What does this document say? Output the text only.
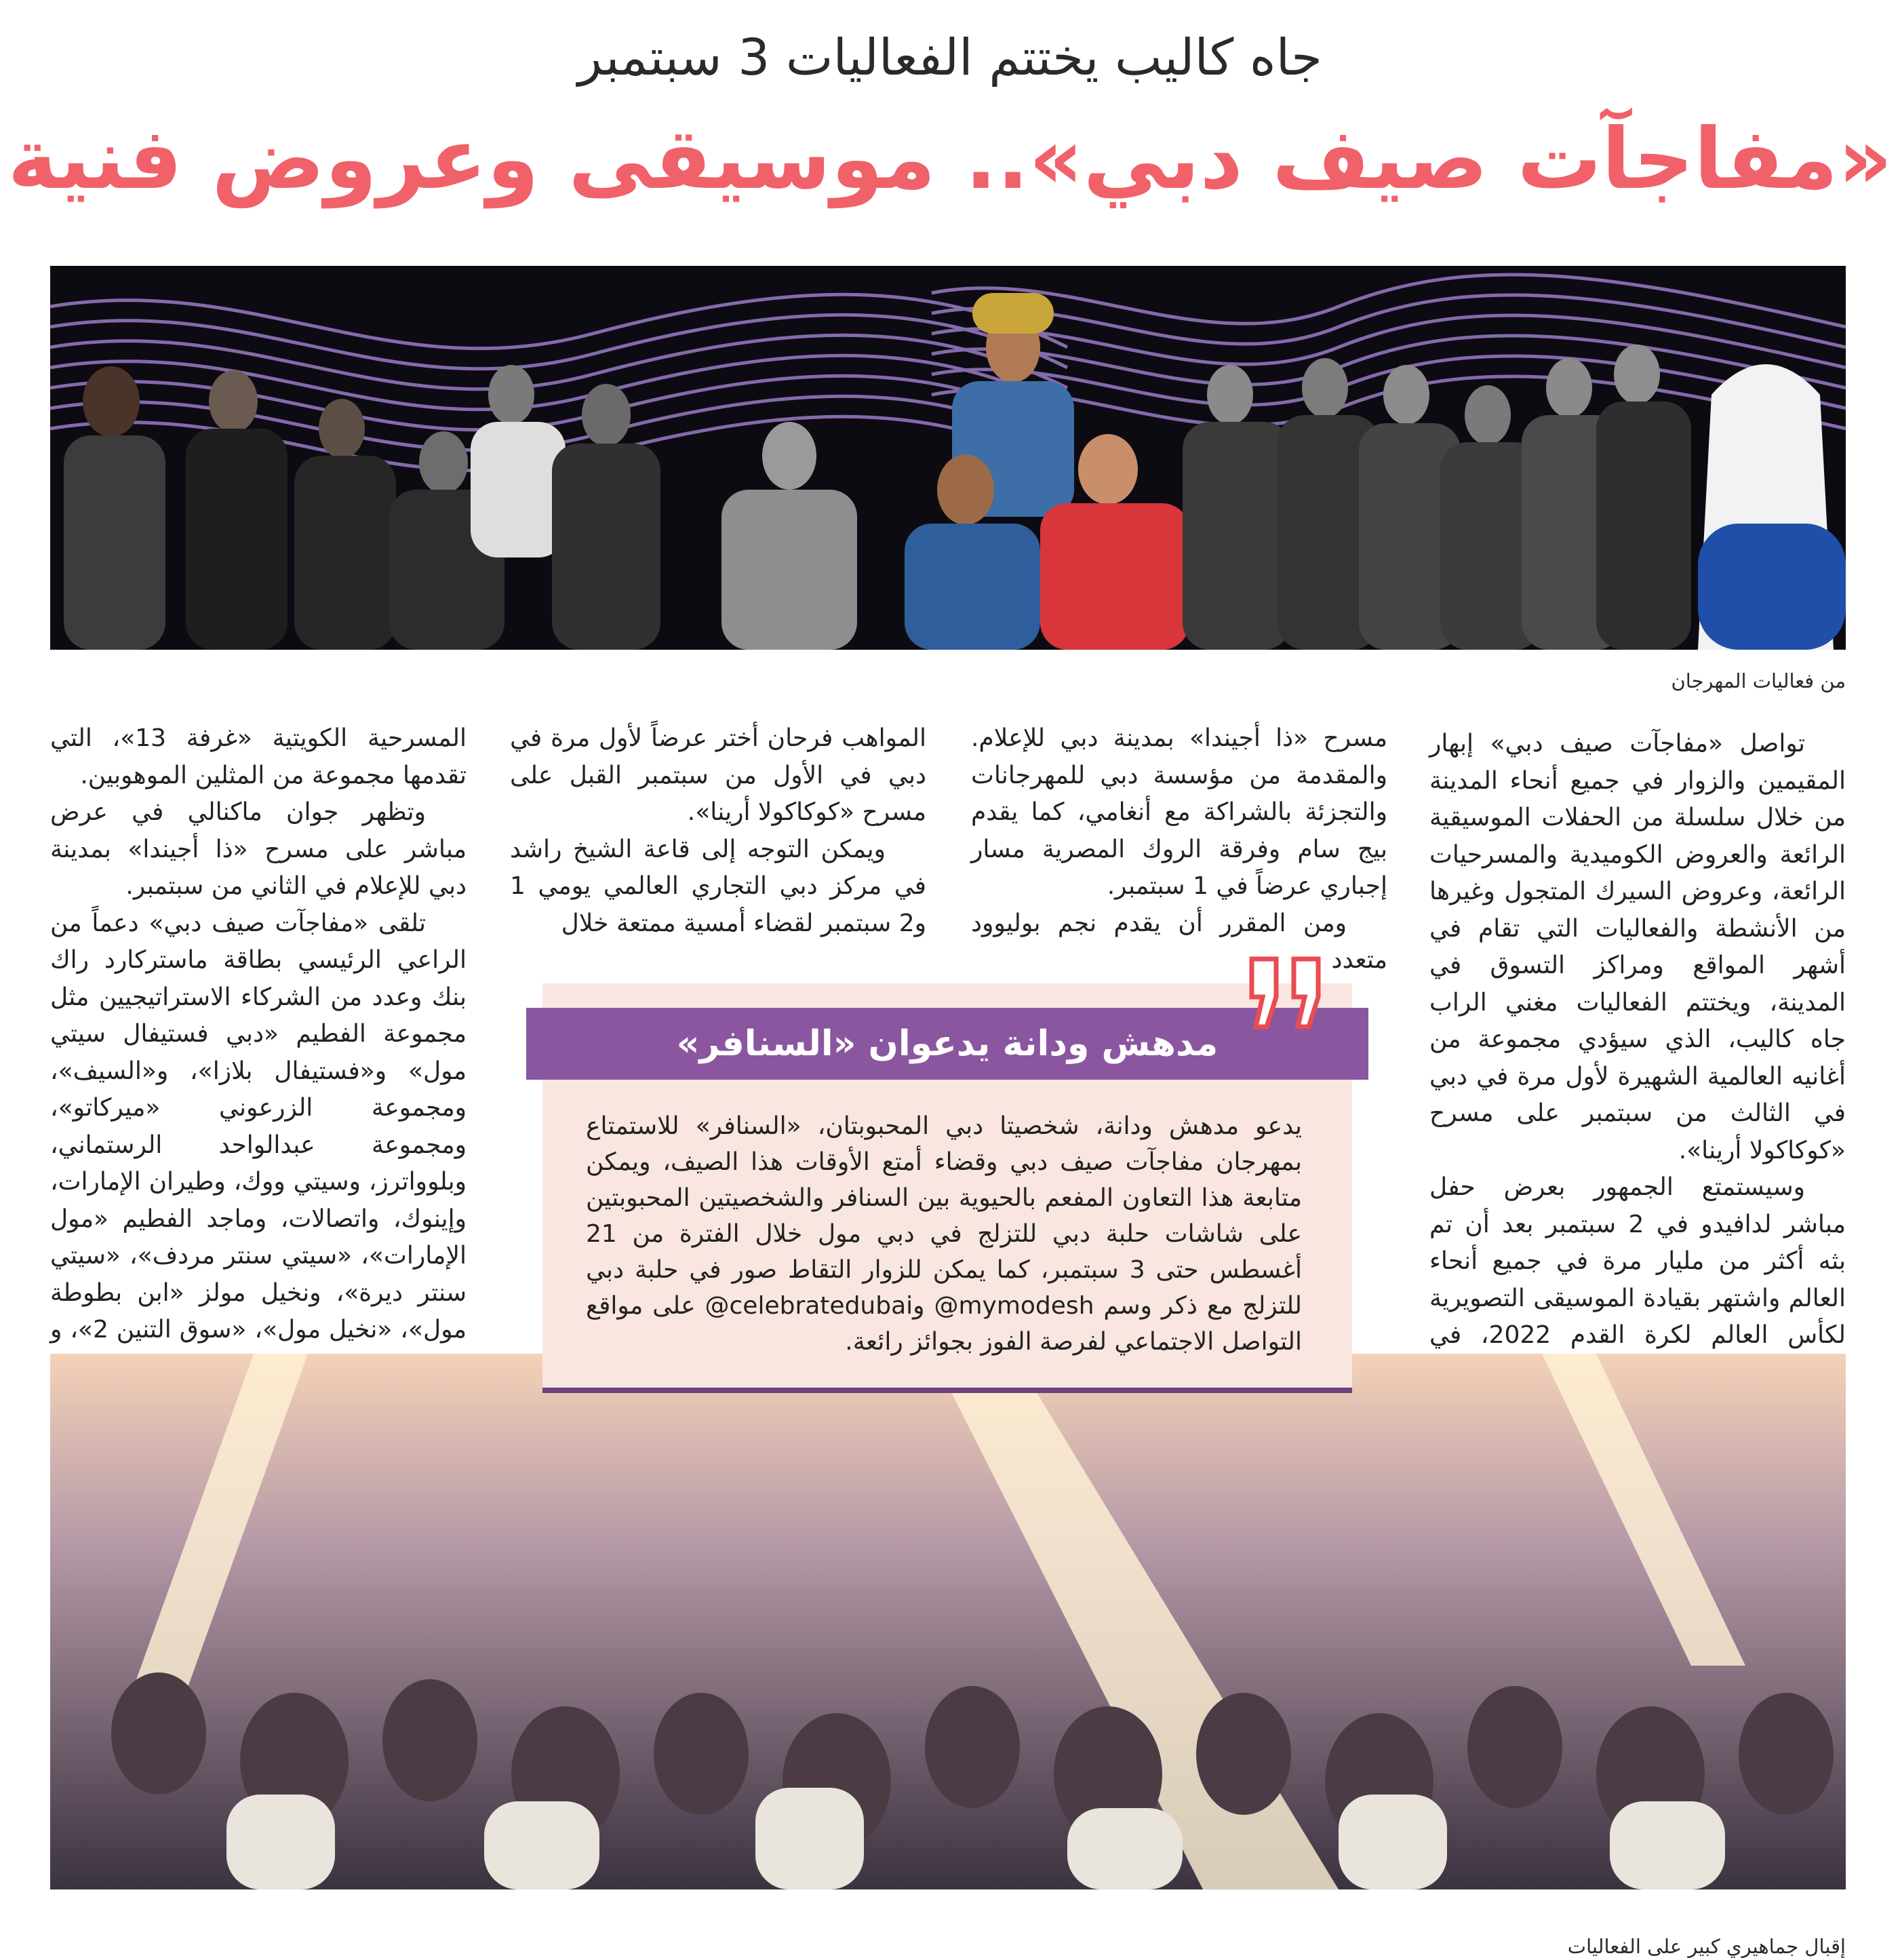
جاه كاليب يختتم الفعاليات 3 سبتمبر
«مفاجآت صيف دبي».. موسيقى وعروض فنية
من فعاليات المهرجان

تواصل «مفاجآت صيف دبي» إبهار المقيمين والزوار في جميع أنحاء المدينة من خلال سلسلة من الحفلات الموسيقية الرائعة والعروض الكوميدية والمسرحيات الرائعة، وعروض السيرك المتجول وغيرها من الأنشطة والفعاليات التي تقام في أشهر المواقع ومراكز التسوق في المدينة، ويختتم الفعاليات مغني الراب جاه كاليب، الذي سيؤدي مجموعة من أغانيه العالمية الشهيرة لأول مرة في دبي في الثالث من سبتمبر على مسرح «كوكاكولا أرينا».

وسيستمتع الجمهور بعرض حفل مباشر لدافيدو في 2 سبتمبر بعد أن تم بثه أكثر من مليار مرة في جميع أنحاء العالم واشتهر بقيادة الموسيقى التصويرية لكأس العالم لكرة القدم 2022، في

مسرح «ذا أجيندا» بمدينة دبي للإعلام. والمقدمة من مؤسسة دبي للمهرجانات والتجزئة بالشراكة مع أنغامي، كما يقدم بيج سام وفرقة الروك المصرية مسار إجباري عرضاً في 1 سبتمبر.

ومن المقرر أن يقدم نجم بوليوود متعدد

المواهب فرحان أختر عرضاً لأول مرة في دبي في الأول من سبتمبر القبل على مسرح «كوكاكولا أرينا».

ويمكن التوجه إلى قاعة الشيخ راشد في مركز دبي التجاري العالمي يومي 1 و2 سبتمبر لقضاء أمسية ممتعة خلال

المسرحية الكويتية «غرفة 13»، التي تقدمها مجموعة من المثلين الموهوبين.

وتظهر جوان ماكنالي في عرض مباشر على مسرح «ذا أجيندا» بمدينة دبي للإعلام في الثاني من سبتمبر.

تلقى «مفاجآت صيف دبي» دعماً من الراعي الرئيسي بطاقة ماستركارد راك بنك وعدد من الشركاء الاستراتيجيين مثل مجموعة الفطيم «دبي فستيفال سيتي مول» و«فستيفال بلازا»، و«السيف»، ومجموعة الزرعوني «ميركاتو»، ومجموعة عبدالواحد الرستماني، وبلوواترز، وسيتي ووك، وطيران الإمارات، وإينوك، واتصالات، وماجد الفطيم «مول الإمارات»، «سيتي سنتر مردف»، «سيتي سنتر ديرة»، ونخيل مولز «ابن بطوطة مول»، «نخيل مول»، «سوق التنين 2»، و

مدهش ودانة يدعوان «السنافر»
يدعو مدهش ودانة، شخصيتا دبي المحبوبتان، «السنافر» للاستمتاع بمهرجان مفاجآت صيف دبي وقضاء أمتع الأوقات هذا الصيف، ويمكن متابعة هذا التعاون المفعم بالحيوية بين السنافر والشخصيتين المحبوبتين على شاشات حلبة دبي للتزلج في دبي مول خلال الفترة من 21 أغسطس حتى 3 سبتمبر، كما يمكن للزوار التقاط صور في حلبة دبي للتزلج مع ذكر وسم mymodesh@ وcelebratedubai@ على مواقع التواصل الاجتماعي لفرصة الفوز بجوائز رائعة.
إقبال جماهيري كبير على الفعاليات
